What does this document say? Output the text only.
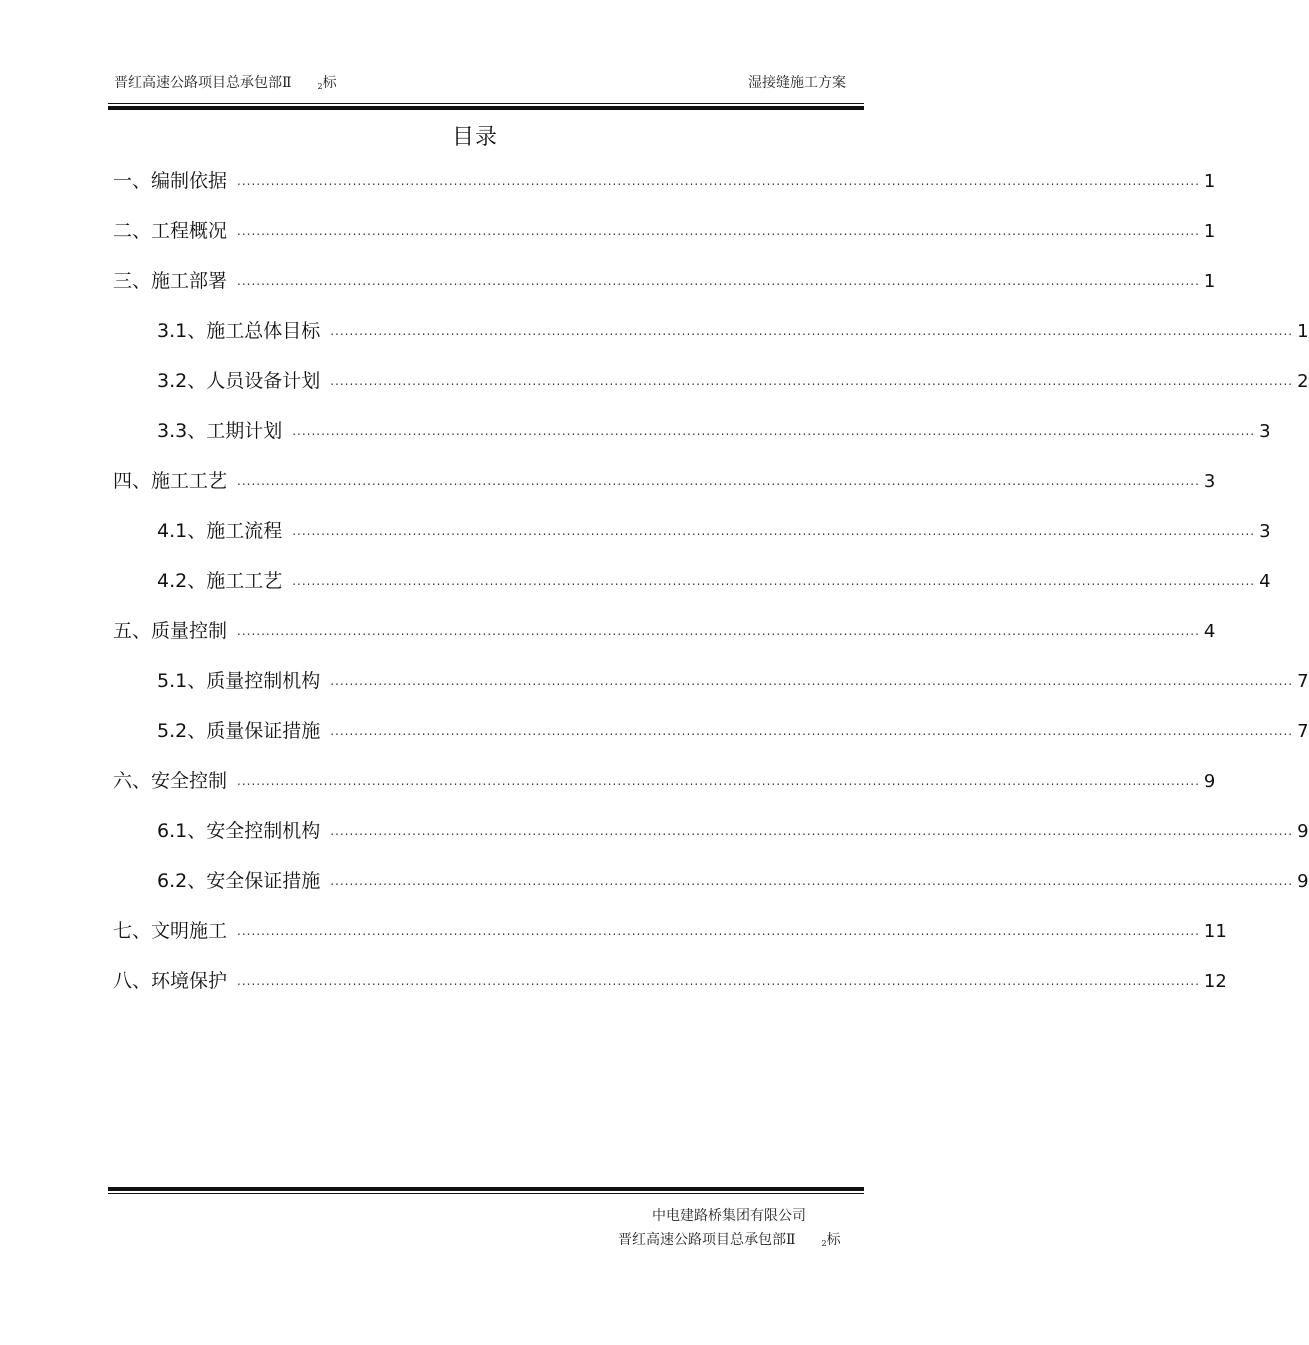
晋红高速公路项目总承包部Ⅱ	2标	湿接缝施工方案
目录
一、编制依据 ........................................................................................................................................................................................................ 1
二、工程概况 ........................................................................................................................................................................................................ 1
三、施工部署 ........................................................................................................................................................................................................ 1
3.1、施工总体目标 ........................................................................................................................................................................................................ 1
3.2、人员设备计划 ........................................................................................................................................................................................................ 2
3.3、工期计划 ........................................................................................................................................................................................................ 3
四、施工工艺 ........................................................................................................................................................................................................ 3
4.1、施工流程 ........................................................................................................................................................................................................ 3
4.2、施工工艺 ........................................................................................................................................................................................................ 4
五、质量控制 ........................................................................................................................................................................................................ 4
5.1、质量控制机构 ........................................................................................................................................................................................................ 7
5.2、质量保证措施 ........................................................................................................................................................................................................ 7
六、安全控制 ........................................................................................................................................................................................................ 9
6.1、安全控制机构 ........................................................................................................................................................................................................ 9
6.2、安全保证措施 ........................................................................................................................................................................................................ 9
七、文明施工 ........................................................................................................................................................................................................ 11
八、环境保护 ........................................................................................................................................................................................................ 12
中电建路桥集团有限公司
晋红高速公路项目总承包部Ⅱ	2标
